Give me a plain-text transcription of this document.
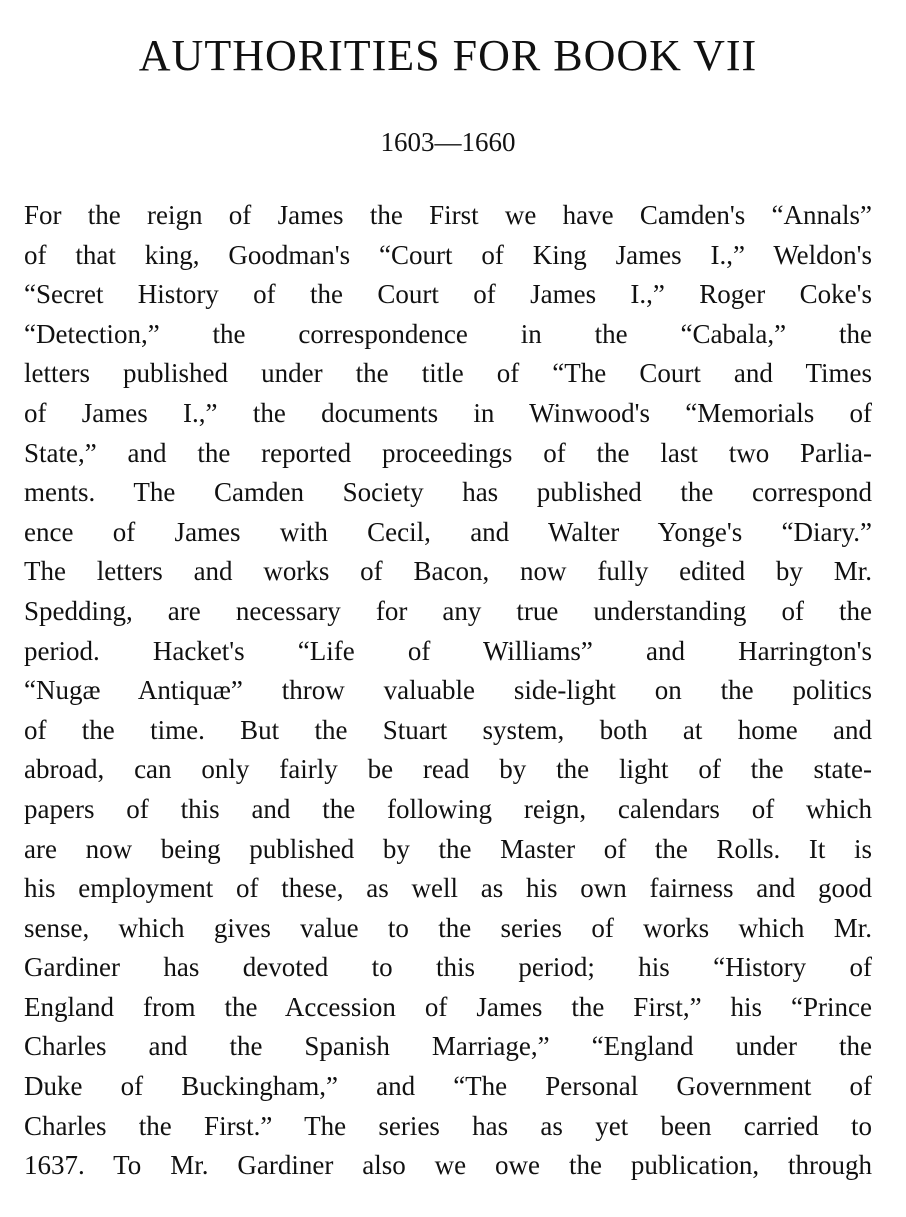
AUTHORITIES FOR BOOK VII
1603—1660
For the reign of James the First we have Camden's “Annals”
of that king, Goodman's “Court of King James I.,” Weldon's
“Secret History of the Court of James I.,” Roger Coke's
“Detection,” the correspondence in the “Cabala,” the
letters published under the title of “The Court and Times
of James I.,” the documents in Winwood's “Memorials of
State,” and the reported proceedings of the last two Parlia-
ments. The Camden Society has published the correspond
ence of James with Cecil, and Walter Yonge's “Diary.”
The letters and works of Bacon, now fully edited by Mr.
Spedding, are necessary for any true understanding of the
period. Hacket's “Life of Williams” and Harrington's
“Nugæ Antiquæ” throw valuable side-light on the politics
of the time. But the Stuart system, both at home and
abroad, can only fairly be read by the light of the state-
papers of this and the following reign, calendars of which
are now being published by the Master of the Rolls. It is
his employment of these, as well as his own fairness and good
sense, which gives value to the series of works which Mr.
Gardiner has devoted to this period; his “History of
England from the Accession of James the First,” his “Prince
Charles and the Spanish Marriage,” “England under the
Duke of Buckingham,” and “The Personal Government of
Charles the First.” The series has as yet been carried to
1637. To Mr. Gardiner also we owe the publication, through
